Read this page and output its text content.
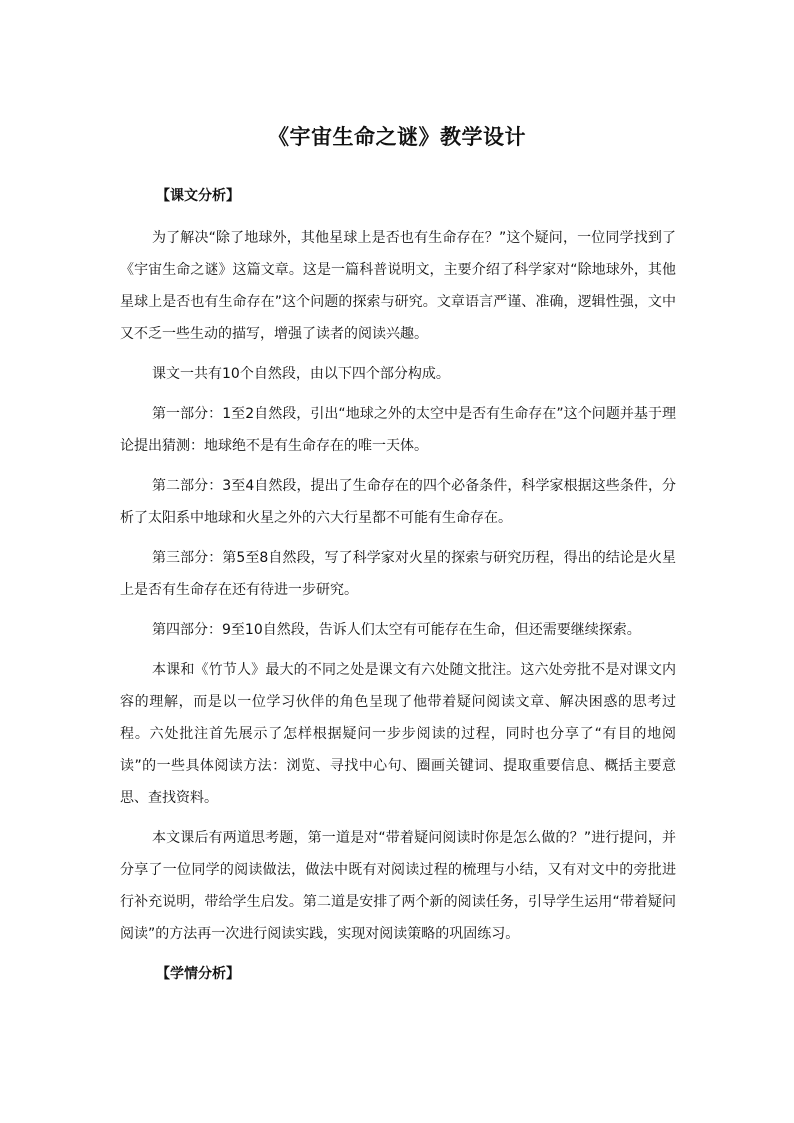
《宇宙生命之谜》教学设计
【课文分析】

为了解决“除了地球外，其他星球上是否也有生命存在？”这个疑问，一位同学找到了《宇宙生命之谜》这篇文章。这是一篇科普说明文，主要介绍了科学家对“除地球外，其他星球上是否也有生命存在”这个问题的探索与研究。文章语言严谨、准确，逻辑性强，文中又不乏一些生动的描写，增强了读者的阅读兴趣。

课文一共有10个自然段，由以下四个部分构成。

第一部分：1至2自然段，引出“地球之外的太空中是否有生命存在”这个问题并基于理论提出猜测：地球绝不是有生命存在的唯一天体。

第二部分：3至4自然段，提出了生命存在的四个必备条件，科学家根据这些条件，分析了太阳系中地球和火星之外的六大行星都不可能有生命存在。

第三部分：第5至8自然段，写了科学家对火星的探索与研究历程，得出的结论是火星上是否有生命存在还有待进一步研究。

第四部分：9至10自然段，告诉人们太空有可能存在生命，但还需要继续探索。

本课和《竹节人》最大的不同之处是课文有六处随文批注。这六处旁批不是对课文内容的理解，而是以一位学习伙伴的角色呈现了他带着疑问阅读文章、解决困惑的思考过程。六处批注首先展示了怎样根据疑问一步步阅读的过程，同时也分享了“有目的地阅读”的一些具体阅读方法：浏览、寻找中心句、圈画关键词、提取重要信息、概括主要意思、查找资料。

本文课后有两道思考题，第一道是对“带着疑问阅读时你是怎么做的？”进行提问，并分享了一位同学的阅读做法，做法中既有对阅读过程的梳理与小结，又有对文中的旁批进行补充说明，带给学生启发。第二道是安排了两个新的阅读任务，引导学生运用“带着疑问阅读”的方法再一次进行阅读实践，实现对阅读策略的巩固练习。

【学情分析】
